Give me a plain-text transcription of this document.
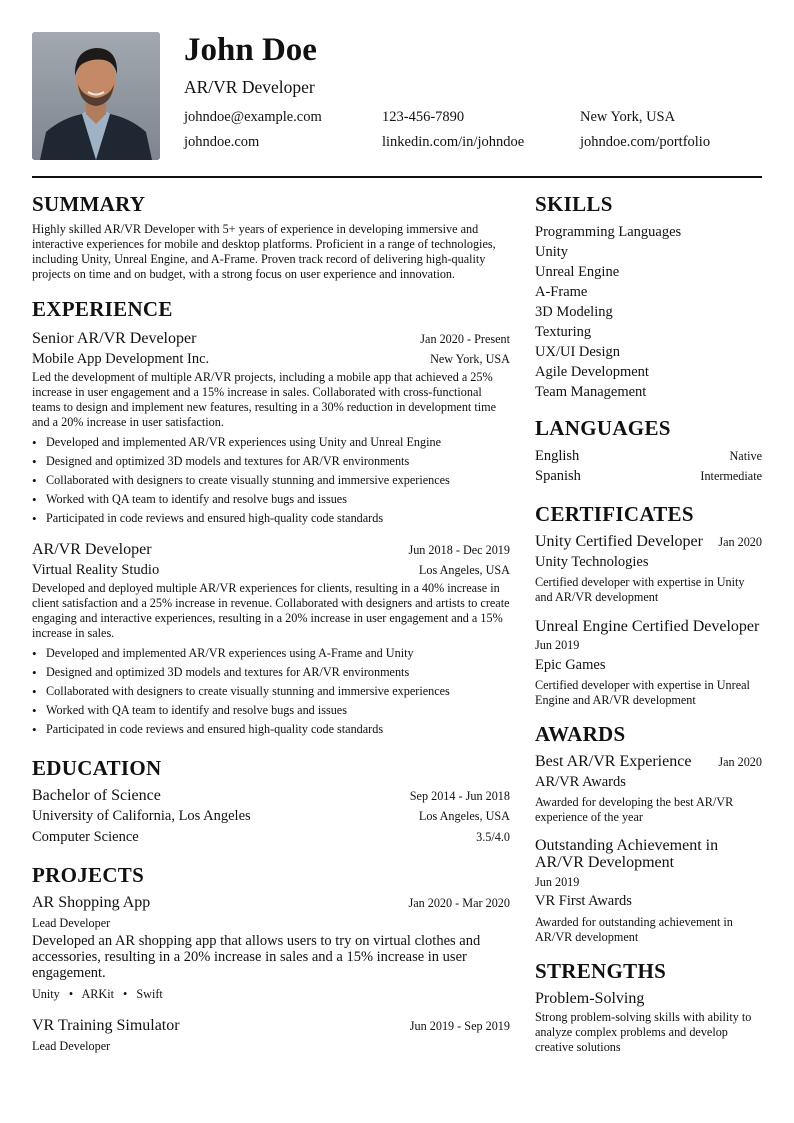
John Doe
AR/VR Developer
johndoe@example.com	123-456-7890	New York, USA
johndoe.com	linkedin.com/in/johndoe	johndoe.com/portfolio
SUMMARY

Highly skilled AR/VR Developer with 5+ years of experience in developing immersive and interactive experiences for mobile and desktop platforms. Proficient in a range of technologies, including Unity, Unreal Engine, and A-Frame. Proven track record of delivering high-quality projects on time and on budget, with a strong focus on user experience and innovation.

EXPERIENCE
Senior AR/VR Developer	Jan 2020 - Present
Mobile App Development Inc.	New York, USA

Led the development of multiple AR/VR projects, including a mobile app that achieved a 25% increase in user engagement and a 15% increase in sales. Collaborated with cross-functional teams to design and implement new features, resulting in a 30% reduction in development time and a 20% increase in user satisfaction.

• Developed and implemented AR/VR experiences using Unity and Unreal Engine
• Designed and optimized 3D models and textures for AR/VR environments
• Collaborated with designers to create visually stunning and immersive experiences
• Worked with QA team to identify and resolve bugs and issues
• Participated in code reviews and ensured high-quality code standards
AR/VR Developer	Jun 2018 - Dec 2019
Virtual Reality Studio	Los Angeles, USA

Developed and deployed multiple AR/VR experiences for clients, resulting in a 40% increase in client satisfaction and a 25% increase in revenue. Collaborated with designers and artists to create engaging and interactive experiences, resulting in a 20% increase in user engagement and a 15% increase in sales.

• Developed and implemented AR/VR experiences using A-Frame and Unity
• Designed and optimized 3D models and textures for AR/VR environments
• Collaborated with designers to create visually stunning and immersive experiences
• Worked with QA team to identify and resolve bugs and issues
• Participated in code reviews and ensured high-quality code standards
EDUCATION
Bachelor of Science	Sep 2014 - Jun 2018
University of California, Los Angeles	Los Angeles, USA
Computer Science	3.5/4.0
PROJECTS
AR Shopping App	Jan 2020 - Mar 2020
Lead Developer

Developed an AR shopping app that allows users to try on virtual clothes and accessories, resulting in a 20% increase in sales and a 15% increase in user engagement.

Unity • ARKit • Swift
VR Training Simulator	Jun 2019 - Sep 2019
Lead Developer
SKILLS
Programming Languages
Unity
Unreal Engine
A-Frame
3D Modeling
Texturing
UX/UI Design
Agile Development
Team Management
LANGUAGES
English	Native
Spanish	Intermediate
CERTIFICATES
Unity Certified Developer Jan 2020
Unity Technologies

Certified developer with expertise in Unity and AR/VR development

Unreal Engine Certified Developer
Jun 2019
Epic Games

Certified developer with expertise in Unreal Engine and AR/VR development

AWARDS
Best AR/VR Experience Jan 2020
AR/VR Awards

Awarded for developing the best AR/VR experience of the year

Outstanding Achievement in AR/VR Development
Jun 2019
VR First Awards

Awarded for outstanding achievement in AR/VR development

STRENGTHS
Problem-Solving

Strong problem-solving skills with ability to analyze complex problems and develop creative solutions
